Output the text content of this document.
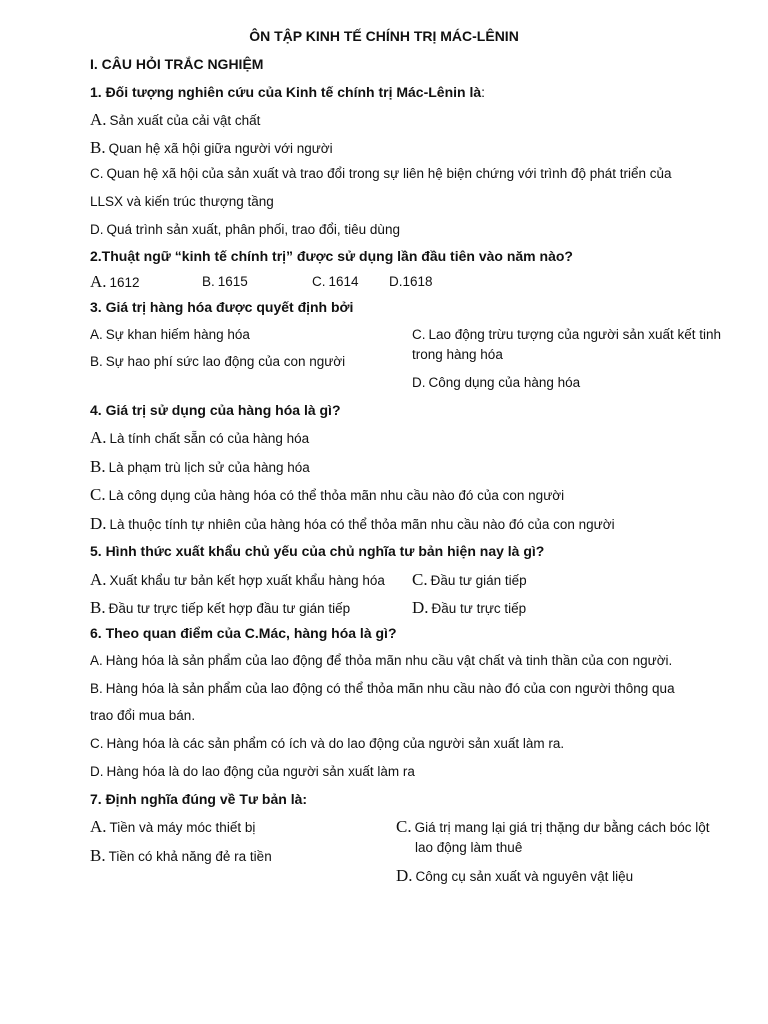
ÔN TẬP KINH TẾ CHÍNH TRỊ MÁC-LÊNIN
I. CÂU HỎI TRẮC NGHIỆM
1. Đối tượng nghiên cứu của Kinh tế chính trị Mác-Lênin là:
A. Sản xuất của cải vật chất
B. Quan hệ xã hội giữa người với người
C. Quan hệ xã hội của sản xuất và trao đổi trong sự liên hệ biện chứng với trình độ phát triển của
LLSX và kiến trúc thượng tầng
D. Quá trình sản xuất, phân phối, trao đổi, tiêu dùng
2.Thuật ngữ “kinh tế chính trị” được sử dụng lần đầu tiên vào năm nào?
A. 1612	B. 1615	C. 1614 D.1618
3. Giá trị hàng hóa được quyết định bởi
A. Sự khan hiếm hàng hóa
B. Sự hao phí sức lao động của con người
C. Lao động trừu tượng của người sản xuất kết tinh
trong hàng hóa
D. Công dụng của hàng hóa
4. Giá trị sử dụng của hàng hóa là gì?
A. Là tính chất sẵn có của hàng hóa
B. Là phạm trù lịch sử của hàng hóa
C. Là công dụng của hàng hóa có thể thỏa mãn nhu cầu nào đó của con người
D. Là thuộc tính tự nhiên của hàng hóa có thể thỏa mãn nhu cầu nào đó của con người
5. Hình thức xuất khẩu chủ yếu của chủ nghĩa tư bản hiện nay là gì?
A. Xuất khẩu tư bản kết hợp xuất khẩu hàng hóa
B. Đầu tư trực tiếp kết hợp đầu tư gián tiếp
C. Đầu tư gián tiếp
D. Đầu tư trực tiếp
6. Theo quan điểm của C.Mác, hàng hóa là gì?
A. Hàng hóa là sản phẩm của lao động để thỏa mãn nhu cầu vật chất và tinh thần của con người.
B. Hàng hóa là sản phẩm của lao động có thể thỏa mãn nhu cầu nào đó của con người thông qua
trao đổi mua bán.
C. Hàng hóa là các sản phẩm có ích và do lao động của người sản xuất làm ra.
D. Hàng hóa là do lao động của người sản xuất làm ra
7. Định nghĩa đúng về Tư bản là:
A. Tiền và máy móc thiết bị
B. Tiền có khả năng đẻ ra tiền
C. Giá trị mang lại giá trị thặng dư bằng cách bóc lột
lao động làm thuê
D. Công cụ sản xuất và nguyên vật liệu
